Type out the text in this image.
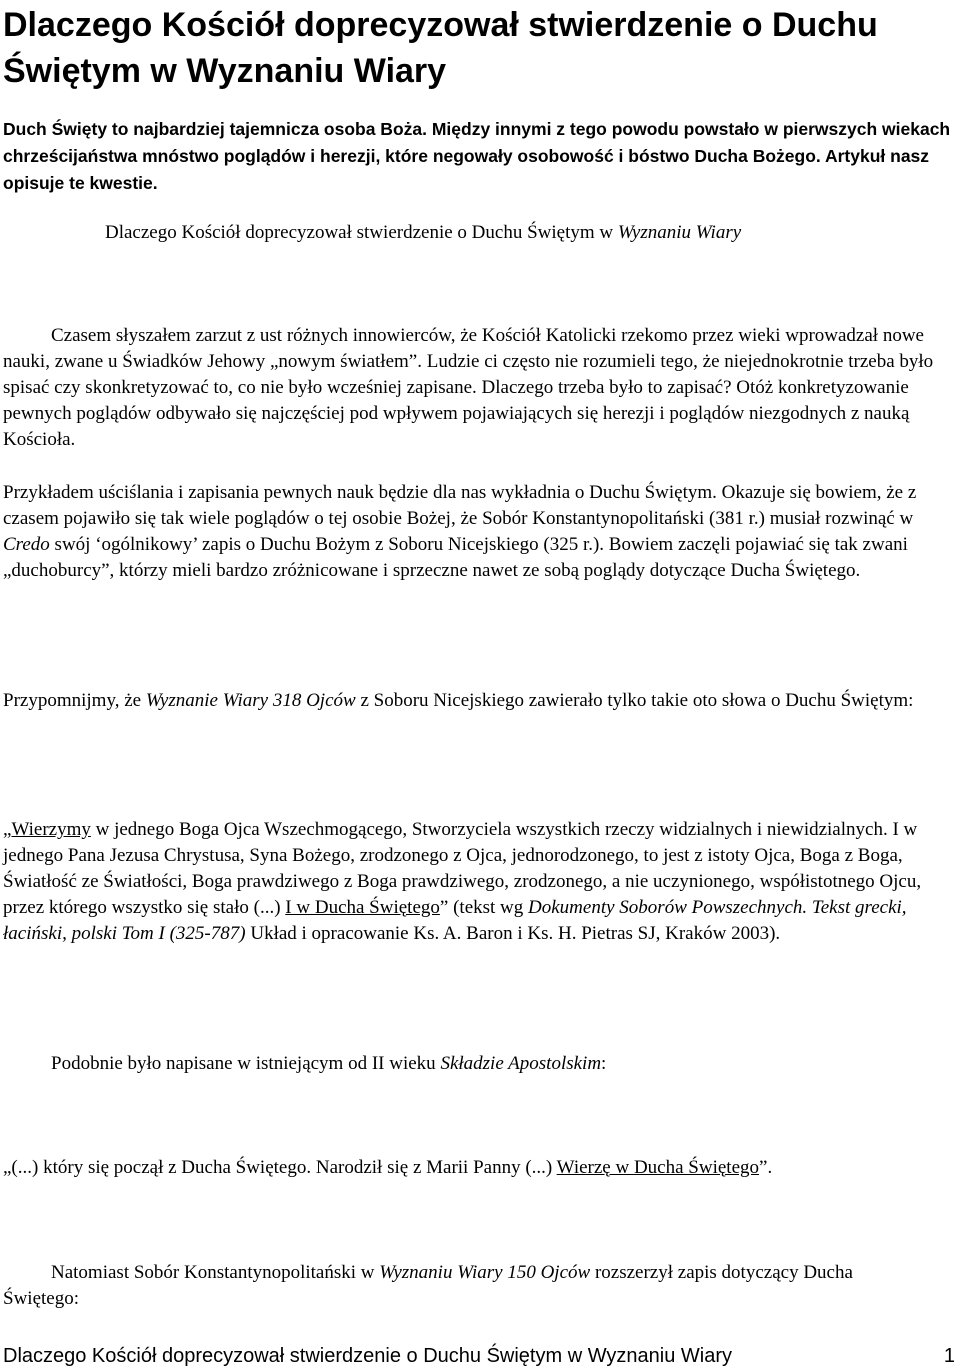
Dlaczego Kościół doprecyzował stwierdzenie o Duchu Świętym w Wyznaniu Wiary

Duch Święty to najbardziej tajemnicza osoba Boża. Między innymi z tego powodu powstało w pierwszych wiekach chrześcijaństwa mnóstwo poglądów i herezji, które negowały osobowość i bóstwo Ducha Bożego. Artykuł nasz opisuje te kwestie.

Dlaczego Kościół doprecyzował stwierdzenie o Duchu Świętym w Wyznaniu Wiary

Czasem słyszałem zarzut z ust różnych innowierców, że Kościół Katolicki rzekomo przez wieki wprowadzał nowe nauki, zwane u Świadków Jehowy „nowym światłem”. Ludzie ci często nie rozumieli tego, że niejednokrotnie trzeba było spisać czy skonkretyzować to, co nie było wcześniej zapisane. Dlaczego trzeba było to zapisać? Otóż konkretyzowanie pewnych poglądów odbywało się najczęściej pod wpływem pojawiających się herezji i poglądów niezgodnych z nauką Kościoła.

Przykładem uściślania i zapisania pewnych nauk będzie dla nas wykładnia o Duchu Świętym. Okazuje się bowiem, że z czasem pojawiło się tak wiele poglądów o tej osobie Bożej, że Sobór Konstantynopolitański (381 r.) musiał rozwinąć w Credo swój ‘ogólnikowy’ zapis o Duchu Bożym z Soboru Nicejskiego (325 r.). Bowiem zaczęli pojawiać się tak zwani „duchoburcy”, którzy mieli bardzo zróżnicowane i sprzeczne nawet ze sobą poglądy dotyczące Ducha Świętego.

Przypomnijmy, że Wyznanie Wiary 318 Ojców z Soboru Nicejskiego zawierało tylko takie oto słowa o Duchu Świętym:

„Wierzymy w jednego Boga Ojca Wszechmogącego, Stworzyciela wszystkich rzeczy widzialnych i niewidzialnych. I w jednego Pana Jezusa Chrystusa, Syna Bożego, zrodzonego z Ojca, jednorodzonego, to jest z istoty Ojca, Boga z Boga, Światłość ze Światłości, Boga prawdziwego z Boga prawdziwego, zrodzonego, a nie uczynionego, współistotnego Ojcu, przez którego wszystko się stało (...) I w Ducha Świętego” (tekst wg Dokumenty Soborów Powszechnych. Tekst grecki, łaciński, polski Tom I (325-787) Układ i opracowanie Ks. A. Baron i Ks. H. Pietras SJ, Kraków 2003).

Podobnie było napisane w istniejącym od II wieku Składzie Apostolskim:

„(...) który się począł z Ducha Świętego. Narodził się z Marii Panny (...) Wierzę w Ducha Świętego”.

Natomiast Sobór Konstantynopolitański w Wyznaniu Wiary 150 Ojców rozszerzył zapis dotyczący Ducha Świętego:

Dlaczego Kościół doprecyzował stwierdzenie o Duchu Świętym w Wyznaniu Wiary	1
